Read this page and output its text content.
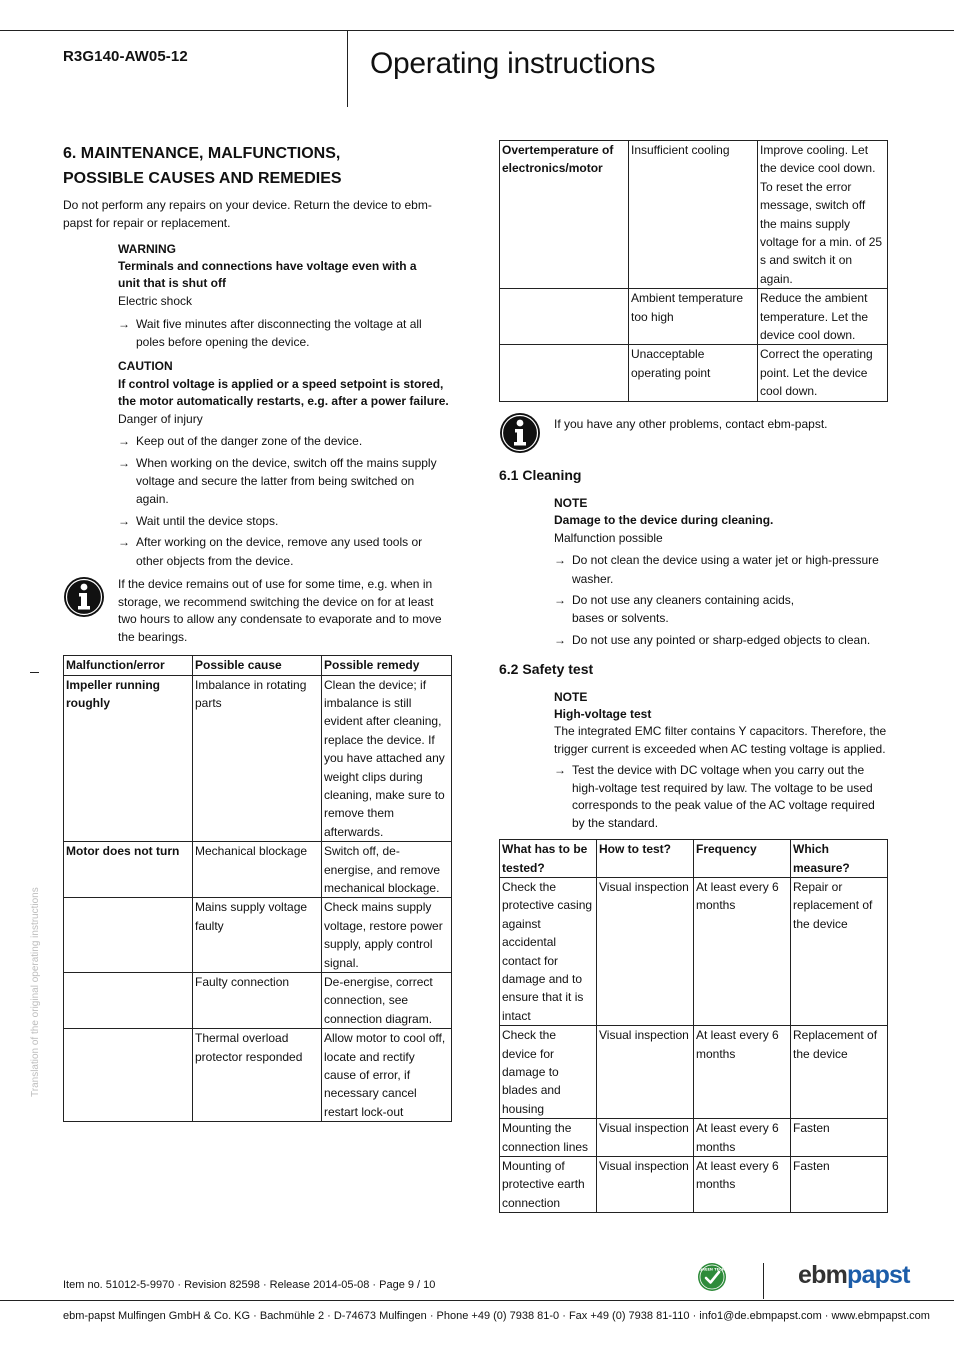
R3G140-AW05-12	Operating instructions
Translation of the original operating instructions
6. MAINTENANCE, MALFUNCTIONS, POSSIBLE CAUSES AND REMEDIES

Do not perform any repairs on your device. Return the device to ebm-papst for repair or replacement.

WARNING

Terminals and connections have voltage even with a unit that is shut off

Electric shock

→ Wait five minutes after disconnecting the voltage at all poles before opening the device.

CAUTION

If control voltage is applied or a speed setpoint is stored, the motor automatically restarts, e.g. after a power failure.

Danger of injury

→ Keep out of the danger zone of the device.
→ When working on the device, switch off the mains supply voltage and secure the latter from being switched on again.
→ Wait until the device stops.
→ After working on the device, remove any used tools or other objects from the device.

If the device remains out of use for some time, e.g. when in storage, we recommend switching the device on for at least two hours to allow any condensate to evaporate and to move the bearings.

Malfunction/error	Possible cause	Possible remedy
Impeller running roughly	Imbalance in rotating parts	Clean the device; if imbalance is still evident after cleaning, replace the device. If you have attached any weight clips during cleaning, make sure to remove them afterwards.
Motor does not turn	Mechanical blockage	Switch off, de-energise, and remove mechanical blockage.
	Mains supply voltage faulty	Check mains supply voltage, restore power supply, apply control signal.
	Faulty connection	De-energise, correct connection, see connection diagram.
	Thermal overload protector responded	Allow motor to cool off, locate and rectify cause of error, if necessary cancel restart lock-out
Overtemperature of electronics/motor	Insufficient cooling	Improve cooling. Let the device cool down. To reset the error message, switch off the mains supply voltage for a min. of 25 s and switch it on again.
	Ambient temperature too high	Reduce the ambient temperature. Let the device cool down.
	Unacceptable operating point	Correct the operating point. Let the device cool down.

If you have any other problems, contact ebm-papst.

6.1 Cleaning

NOTE

Damage to the device during cleaning.

Malfunction possible

→ Do not clean the device using a water jet or high-pressure washer.
→ Do not use any cleaners containing acids, bases or solvents.
→ Do not use any pointed or sharp-edged objects to clean.
6.2 Safety test

NOTE

High-voltage test

The integrated EMC filter contains Y capacitors. Therefore, the trigger current is exceeded when AC testing voltage is applied.

→ Test the device with DC voltage when you carry out the high-voltage test required by law. The voltage to be used corresponds to the peak value of the AC voltage required by the standard.
What has to be tested?	How to test?	Frequency	Which measure?
Check the protective casing against accidental contact for damage and to ensure that it is intact	Visual inspection	At least every 6 months	Repair or replacement of the device
Check the device for damage to blades and housing	Visual inspection	At least every 6 months	Replacement of the device
Mounting the connection lines	Visual inspection	At least every 6 months	Fasten
Mounting of protective earth connection	Visual inspection	At least every 6 months	Fasten
Item no. 51012-5-9970 · Revision 82598 · Release 2014-05-08 · Page 9 / 10
GREEN TECH	ebmpapst
ebm-papst Mulfingen GmbH & Co. KG · Bachmühle 2 · D-74673 Mulfingen · Phone +49 (0) 7938 81-0 · Fax +49 (0) 7938 81-110 · info1@de.ebmpapst.com · www.ebmpapst.com
